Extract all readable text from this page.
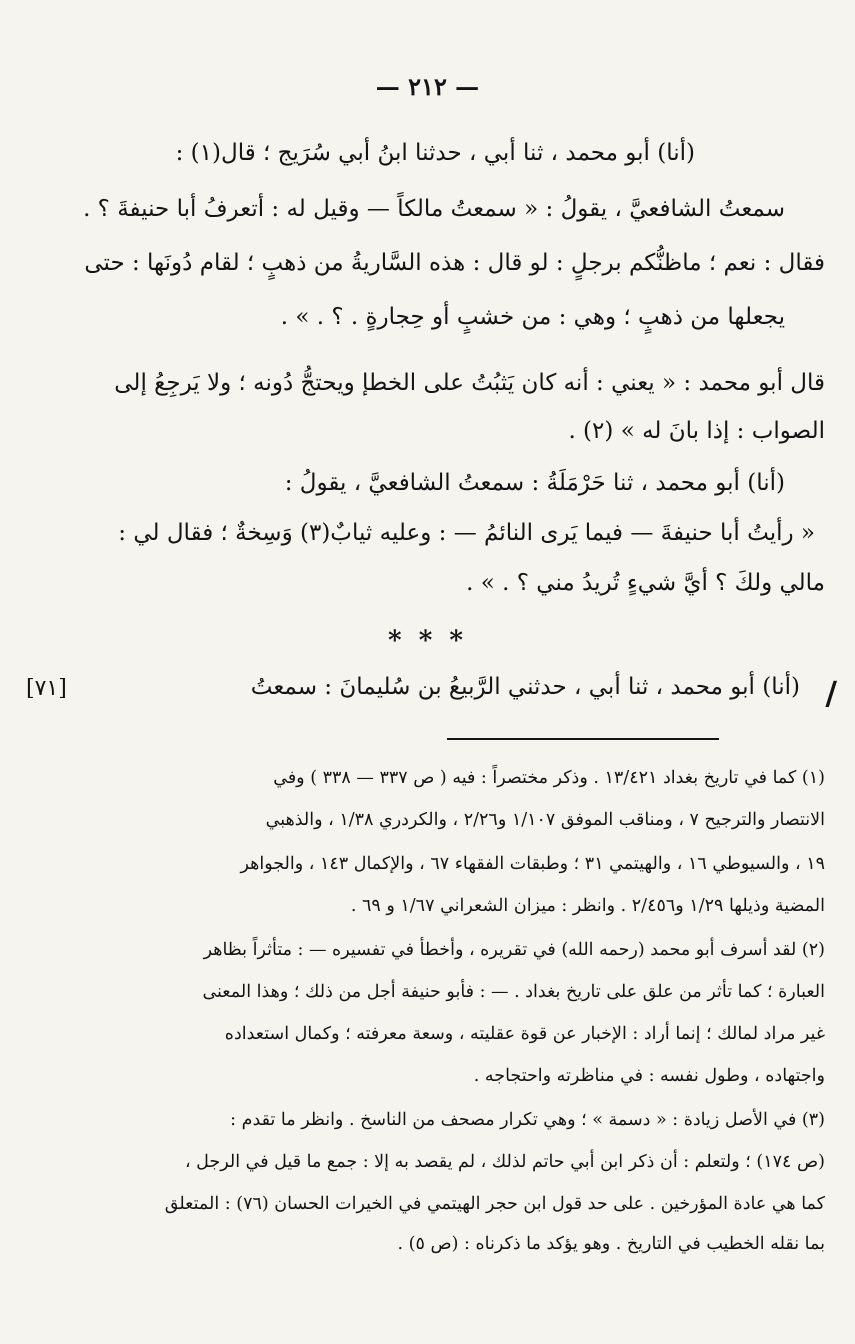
— ٢١٢ —
(أنا) أبو محمد ، ثنا أبي ، حدثنا ابنُ أبي سُرَيج ؛ قال(١) :
سمعتُ الشافعيَّ ، يقولُ : « سمعتُ مالكاً — وقيل له : أتعرفُ أبا حنيفةَ ؟ .
فقال : نعم ؛ ماظنُّكم برجلٍ : لو قال : هذه السَّاريةُ من ذهبٍ ؛ لقام دُونَها : حتى
يجعلها من ذهبٍ ؛ وهي : من خشبٍ أو حِجارةٍ . ؟ . » .
قال أبو محمد : « يعني : أنه كان يَثبُتُ على الخطإ ويحتجُّ دُونه ؛ ولا يَرجِعُ إلى
الصواب : إذا بانَ له » (٢) .
(أنا) أبو محمد ، ثنا حَرْمَلَةُ : سمعتُ الشافعيَّ ، يقولُ :
« رأيتُ أبا حنيفةَ — فيما يَرى النائمُ — : وعليه ثيابٌ(٣) وَسِخةٌ ؛ فقال لي :
مالي ولكَ ؟ أيَّ شيءٍ تُريدُ مني ؟ . » .
* * *
/
(أنا) أبو محمد ، ثنا أبي ، حدثني الرَّبيعُ بن سُليمانَ : سمعتُ
[٧١]
(١) كما في تاريخ بغداد ١٣/٤٢١ . وذكر مختصراً : فيه ( ص ٣٣٧ — ٣٣٨ ) وفي
الانتصار والترجيح ٧ ، ومناقب الموفق ١/١٠٧ و٢/٢٦ ، والكردري ١/٣٨ ، والذهبي
١٩ ، والسيوطي ١٦ ، والهيتمي ٣١ ؛ وطبقات الفقهاء ٦٧ ، والإكمال ١٤٣ ، والجواهر
المضية وذيلها ١/٢٩ و٢/٤٥٦ . وانظر : ميزان الشعراني ١/٦٧ و ٦٩ .
(٢) لقد أسرف أبو محمد (رحمه الله) في تقريره ، وأخطأ في تفسيره — : متأثراً بظاهر
العبارة ؛ كما تأثر من علق على تاريخ بغداد . — : فأبو حنيفة أجل من ذلك ؛ وهذا المعنى
غير مراد لمالك ؛ إنما أراد : الإخبار عن قوة عقليته ، وسعة معرفته ؛ وكمال استعداده
واجتهاده ، وطول نفسه : في مناظرته واحتجاجه .
(٣) في الأصل زيادة : « دسمة » ؛ وهي تكرار مصحف من الناسخ . وانظر ما تقدم :
(ص ١٧٤) ؛ ولتعلم : أن ذكر ابن أبي حاتم لذلك ، لم يقصد به إلا : جمع ما قيل في الرجل ،
كما هي عادة المؤرخين . على حد قول ابن حجر الهيتمي في الخيرات الحسان (٧٦) : المتعلق
بما نقله الخطيب في التاريخ . وهو يؤكد ما ذكرناه : (ص ٥) .
